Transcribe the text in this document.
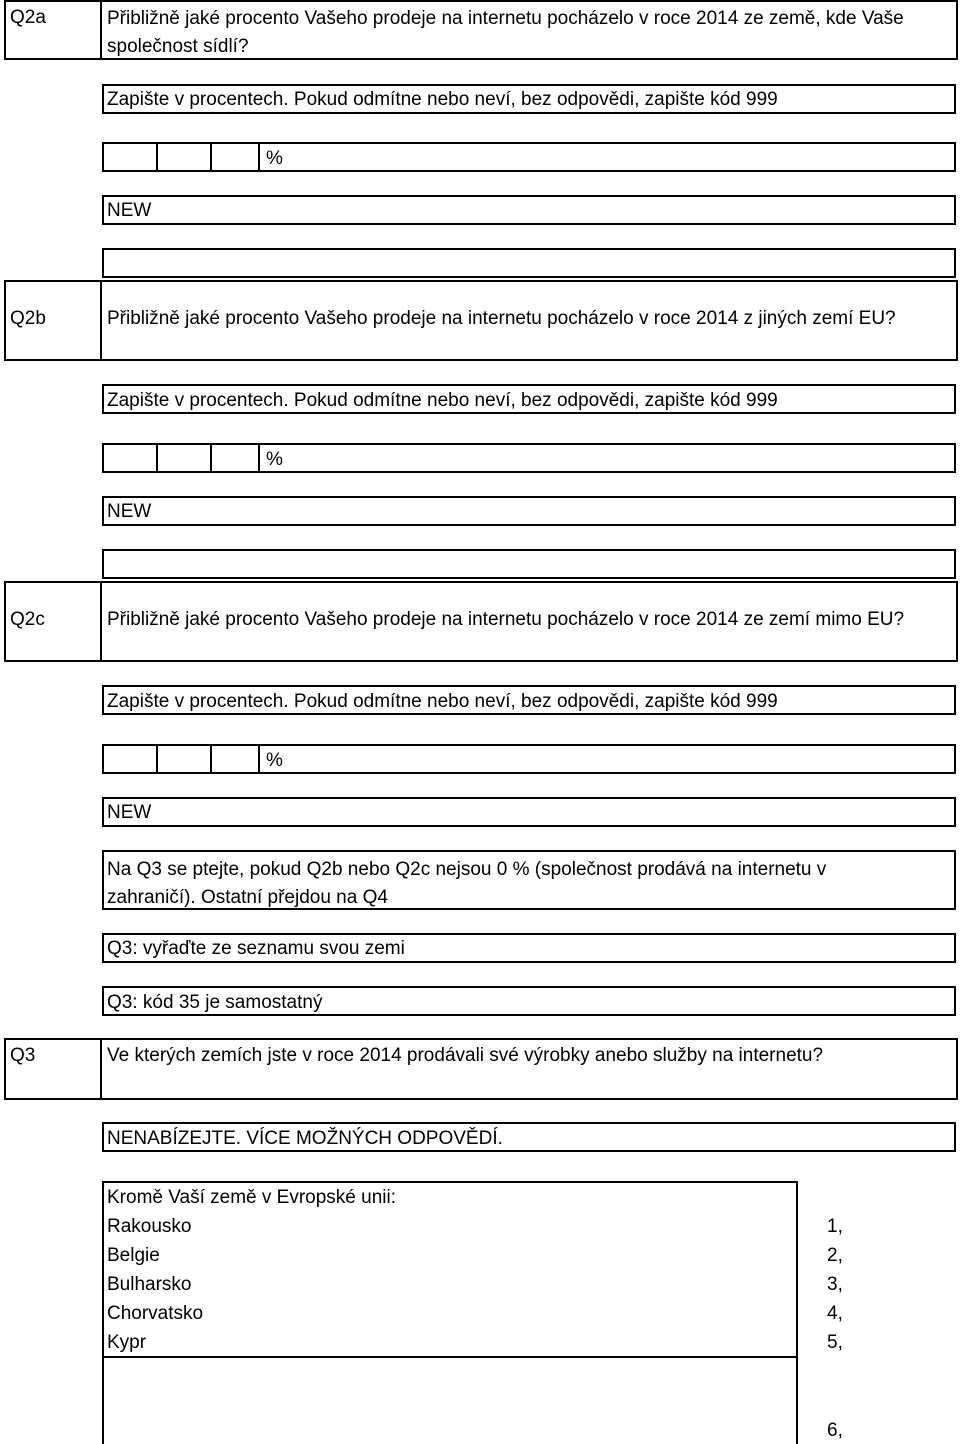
Q2a	Přibližně jaké procento Vašeho prodeje na internetu pocházelo v roce 2014 ze země, kde Vaše společnost sídlí?
Zapište v procentech. Pokud odmítne nebo neví, bez odpovědi, zapište kód 999
%
NEW
Q2b	Přibližně jaké procento Vašeho prodeje na internetu pocházelo v roce 2014 z jiných zemí EU?
Zapište v procentech. Pokud odmítne nebo neví, bez odpovědi, zapište kód 999
%
NEW
Q2c	Přibližně jaké procento Vašeho prodeje na internetu pocházelo v roce 2014 ze zemí mimo EU?
Zapište v procentech. Pokud odmítne nebo neví, bez odpovědi, zapište kód 999
%
NEW
Na Q3 se ptejte, pokud Q2b nebo Q2c nejsou 0 % (společnost prodává na internetu v zahraničí). Ostatní přejdou na Q4
Q3: vyřaďte ze seznamu svou zemi
Q3: kód 35 je samostatný
Q3	Ve kterých zemích jste v roce 2014 prodávali své výrobky anebo služby na internetu?
NENABÍZEJTE. VÍCE MOŽNÝCH ODPOVĚDÍ.
Kromě Vaší země v Evropské unii:
Rakousko	1,
Belgie	2,
Bulharsko	3,
Chorvatsko	4,
Kypr	5,
6,
